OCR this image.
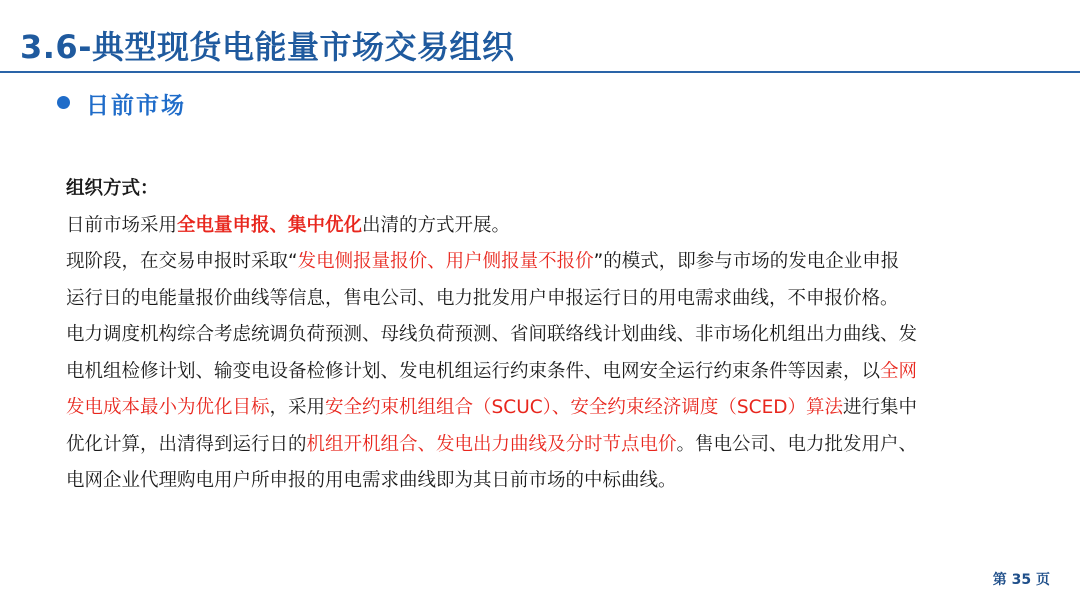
3.6-典型现货电能量市场交易组织
日前市场
组织方式：
日前市场采用全电量申报、集中优化出清的方式开展。
现阶段，在交易申报时采取“发电侧报量报价、用户侧报量不报价”的模式，即参与市场的发电企业申报
运行日的电能量报价曲线等信息，售电公司、电力批发用户申报运行日的用电需求曲线，不申报价格。
电力调度机构综合考虑统调负荷预测、母线负荷预测、省间联络线计划曲线、非市场化机组出力曲线、发
电机组检修计划、输变电设备检修计划、发电机组运行约束条件、电网安全运行约束条件等因素，以全网
发电成本最小为优化目标，采用安全约束机组组合（SCUC）、安全约束经济调度（SCED）算法进行集中
优化计算，出清得到运行日的机组开机组合、发电出力曲线及分时节点电价。售电公司、电力批发用户、
电网企业代理购电用户所申报的用电需求曲线即为其日前市场的中标曲线。
第 35 页
